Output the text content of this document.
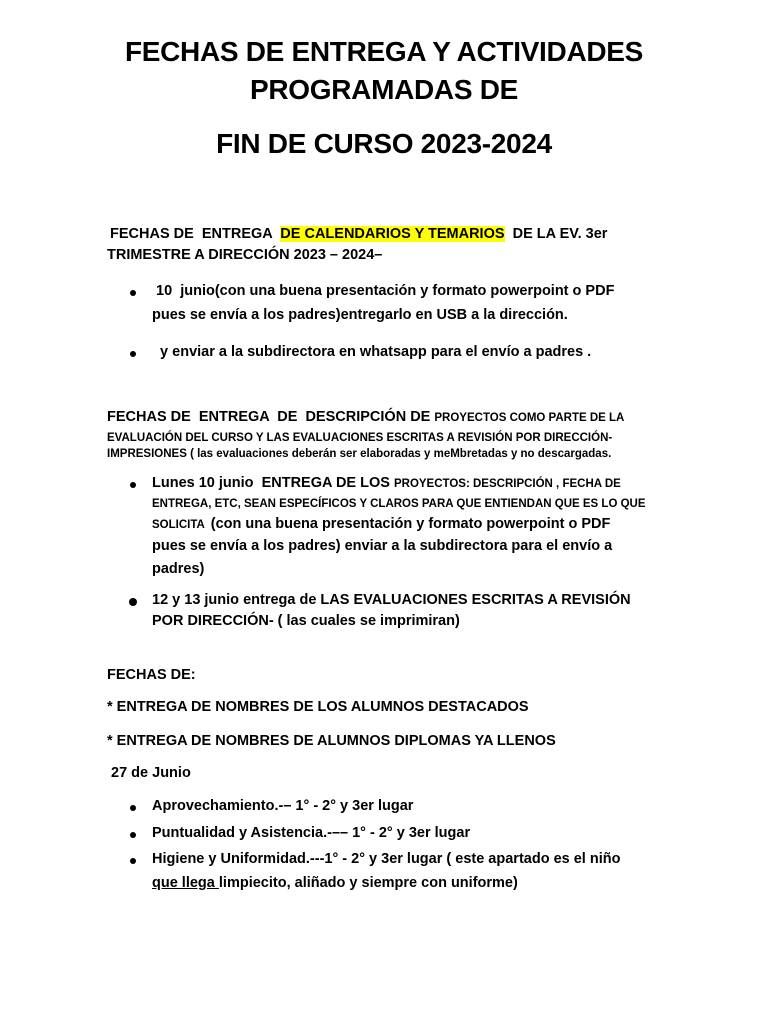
FECHAS DE ENTREGA Y ACTIVIDADES
PROGRAMADAS DE
FIN DE CURSO 2023-2024
FECHAS DE  ENTREGA  DE CALENDARIOS Y TEMARIOS  DE LA EV. 3er
TRIMESTRE A DIRECCIÓN 2023 – 2024–
10  junio(con una buena presentación y formato powerpoint o PDF
pues se envía a los padres)entregarlo en USB a la dirección.
y enviar a la subdirectora en whatsapp para el envío a padres .
FECHAS DE  ENTREGA  DE  DESCRIPCIÓN DE PROYECTOS COMO PARTE DE LA
EVALUACIÓN DEL CURSO Y LAS EVALUACIONES ESCRITAS A REVISIÓN POR DIRECCIÓN-
IMPRESIONES ( las evaluaciones deberán ser elaboradas y meMbretadas y no descargadas.
Lunes 10 junio  ENTREGA DE LOS PROYECTOS: DESCRIPCIÓN , FECHA DE
ENTREGA, ETC, SEAN ESPECÍFICOS Y CLAROS PARA QUE ENTIENDAN QUE ES LO QUE
SOLICITA  (con una buena presentación y formato powerpoint o PDF
pues se envía a los padres) enviar a la subdirectora para el envío a
padres)
12 y 13 junio entrega de LAS EVALUACIONES ESCRITAS A REVISIÓN
POR DIRECCIÓN- ( las cuales se imprimiran)
FECHAS DE:
* ENTREGA DE NOMBRES DE LOS ALUMNOS DESTACADOS
* ENTREGA DE NOMBRES DE ALUMNOS DIPLOMAS YA LLENOS
27 de Junio
Aprovechamiento.-– 1° - 2° y 3er lugar
Puntualidad y Asistencia.-–– 1° - 2° y 3er lugar
Higiene y Uniformidad.---1° - 2° y 3er lugar ( este apartado es el niño
que llega limpiecito, aliñado y siempre con uniforme)
